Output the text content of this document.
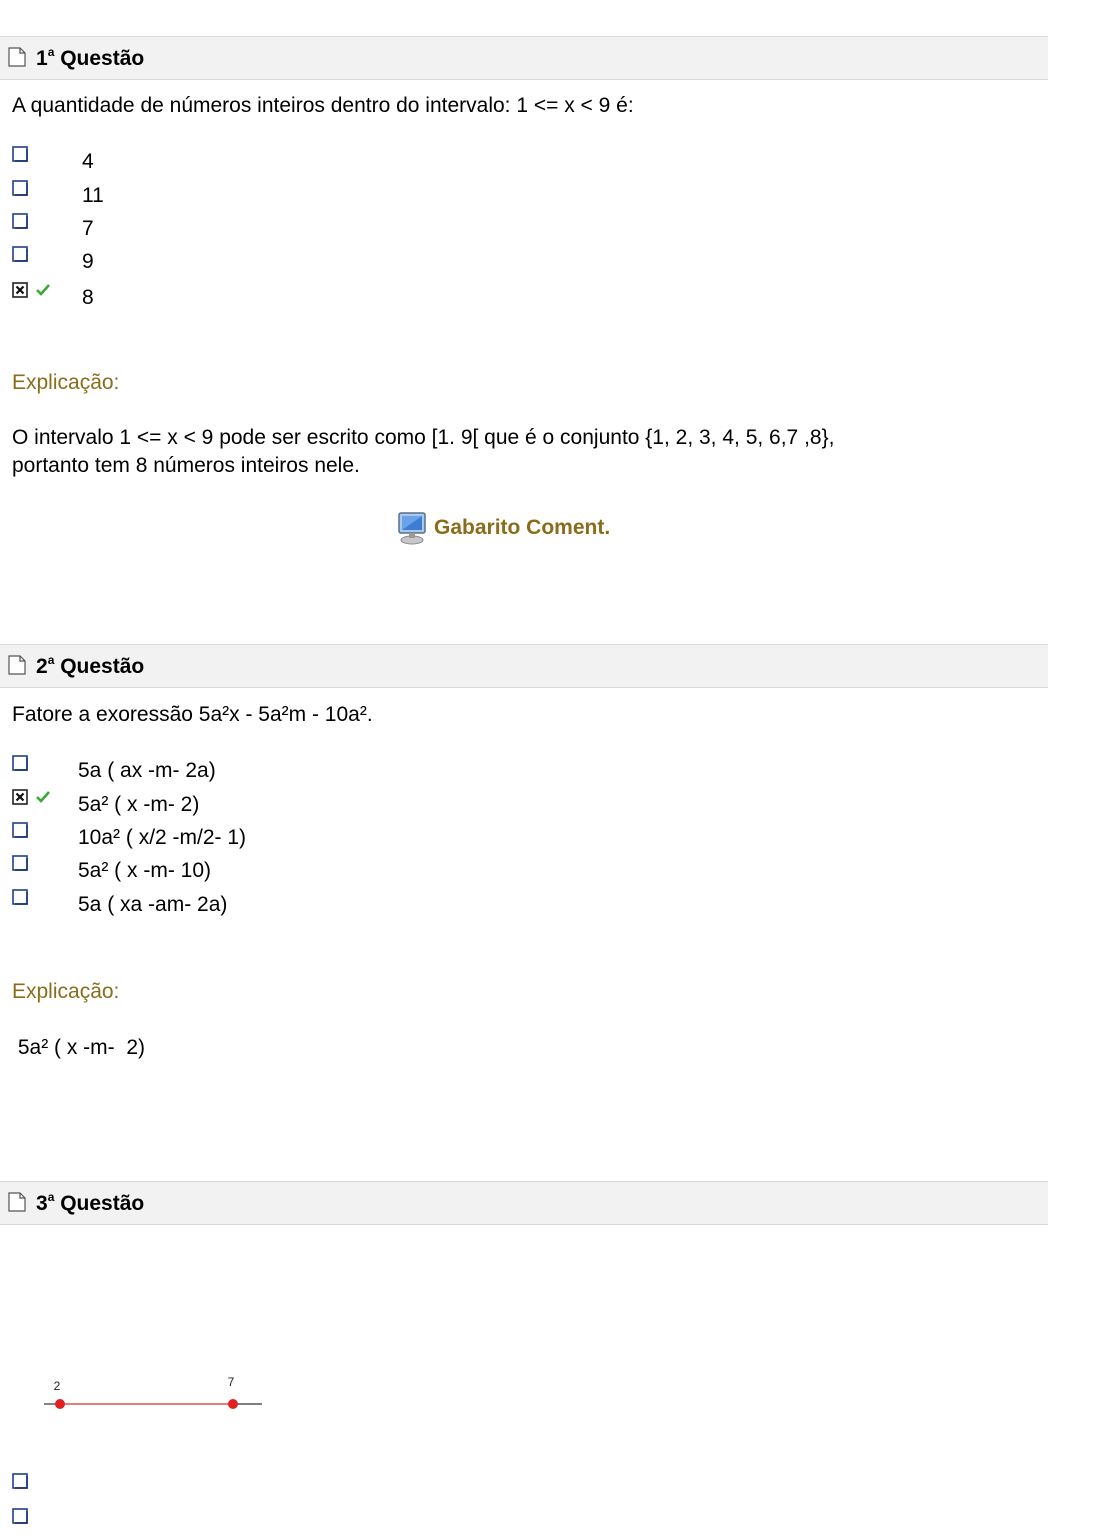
1$^a$ Questão
A quantidade de números inteiros dentro do intervalo: 1 <= x < 9 é:
4
11
7
9
8
Explicação:
O intervalo 1 <= x < 9 pode ser escrito como [1. 9[ que é o conjunto {1, 2, 3, 4, 5, 6,7 ,8},
portanto tem 8 números inteiros nele.
Gabarito Coment.
2$^a$ Questão
Fatore a exoressão 5a²x - 5a²m - 10a².
5a ( ax -m- 2a)
5a² ( x -m- 2)
10a² ( x/2 -m/2- 1)
5a² ( x -m- 10)
5a ( xa -am- 2a)
Explicação:
5a² ( x -m-  2)
3$^a$ Questão
2	7
